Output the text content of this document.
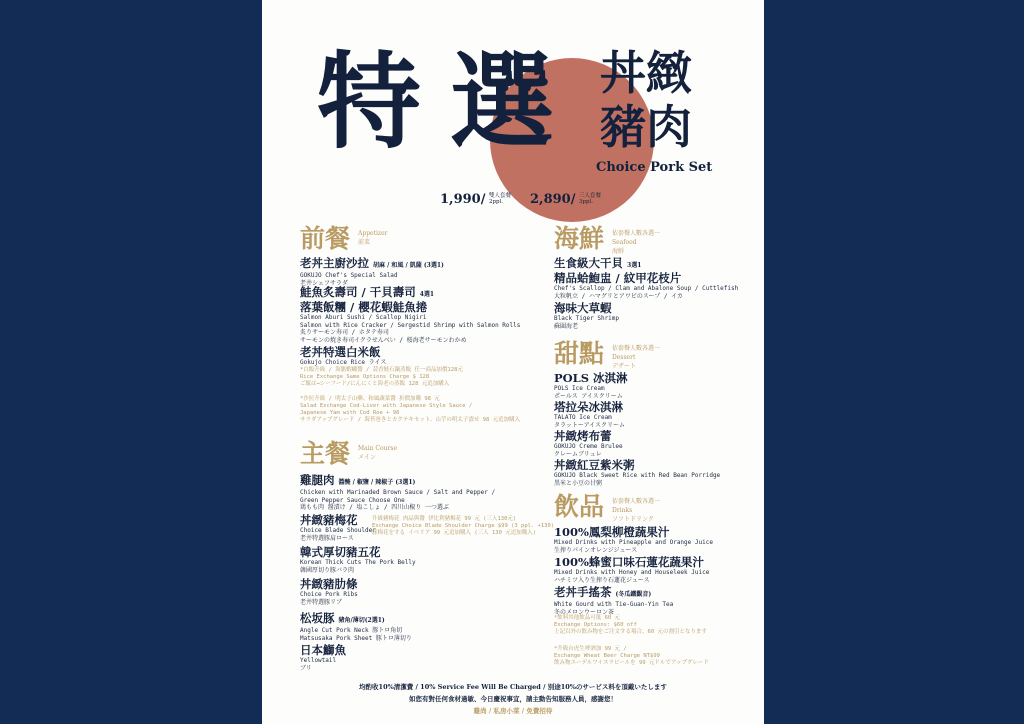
特 選 丼緻
豬肉
Choice Pork Set
1,990/ 雙人套餐
2ppl.	2,890/ 三人套餐
3ppl.
前餐 Appetizer
前菜
老丼主廚沙拉 胡麻 / 和風 / 凱薩 (3選1)
GOKUJO Chef's Special Salad
老井シェフサラダ
鮭魚炙壽司 / 干貝壽司 4選1
落葉飯糰 / 櫻花蝦鮭魚捲
Salmon Aburi Sushi / Scallop Nigiri
Salmon with Rice Cracker / Sergestid Shrimp with Salmon Rolls
炙りサーモン寿司 / ホタテ寿司
サーモンの焼き寿司イクラせんべい / 桜海老サーモンわかめ
老丼特選白米飯
Gokujo Choice Rice ライス
*白飯升級 / 海膽蝦蝴醬 / 蒜香鮭石鍋蒸飯 任一商品加價128元
Rice Exchange Same Options Charge $ 128
ご飯は→シーフード/にんにくと海老の蒸飯 128 元追加購入
*沙拉升級 / 明太子山藥、和風蔬菜醬 折價加購 98 元
Salad Exchange Cod-Liver with Japanese Style Sauce /
Japanese Yam with Cod Roe + 98
サラダアップグレード / 海苔巻きとカクテキセット、山芋の明太子漬せ 98 元追加購入
主餐 Main Course
メイン
雞腿肉 醬醃 / 椒鹽 / 辣椒子 (3選1)
Chicken with Marinaded Brown Sauce / Salt and Pepper /
Green Pepper Sauce Choose One
鶏もも肉 醤漬け / 塩こしょ / 四川山椒り 一つ選ぶ
丼緻豬梅花
Choice Blade Shoulder
老井特選豚肩ロース
升級豬梅花 肉品與醬 伊比利豬梅花 99 元 (三人130元)
Exchange Choice Blade Shoulder Charge $99 (3 ppl. +130)
豚梅花をする イベリア 99 元追加購入 (三人 130 元追加購入)
韓式厚切豬五花
Korean Thick Cuts The Pork Belly
韓國厚切り豚バラ肉
丼緻豬肋條
Choice Pork Ribs
老井特選豚リブ
松坂豚 豬角/薄切(2選1)
Angle Cut Pork Neck 豚トロ角切
Matsusaka Pork Sheet 豚トロ薄切り
日本鰤魚
Yellowtail
ブリ
海鮮 依套餐人數各選一
Seafood
海鮮
生食級大干貝 3選1
精品蛤鮑盅 / 紋甲花枝片
Chef's Scallop / Clam and Abalone Soup / Cuttlefish
大粒帆立 / ハマグリとアワビのスープ / イカ
海味大草蝦
Black Tiger Shrimp
蘇圍海老
甜點 依套餐人數各選一
Dessert
デザート
POLS 冰淇淋
POLS Ice Cream
ポールス アイスクリーム
塔拉朵冰淇淋
TALATO Ice Cream
タラットーアイスクリーム
丼緻烤布蕾
GOKUJO Creme Brulee
クレームブリュレ
丼緻紅豆紫米粥
GOKUJO Black Sweet Rice with Red Bean Porridge
黒米と小豆の甘粥
飲品 依套餐人數各選一
Drinks
ソフトドリンク
100%鳳梨柳橙蔬果汁
Mixed Drinks with Pineapple and Orange Juice
生搾りパインオレンジジュース
100%蜂蜜口味石蓮花蔬果汁
Mixed Drinks with Honey and Houseleek Juice
ハチミツ入り生搾り石蓮花ジュース
老丼手搖茶 (冬瓜鐵觀音)
White Gourd with Tie-Guan-Yin Tea
冬のメロンウーロン茶
*飲料其他飲品可抵 60 元
Exchange Options: $60 off
上記以外の飲み物をご注文する場合、60 元の割引となります
*升級台虎生啤酒加 99 元 /
Exchange Wheat Beer Charge NT$99
飲み物エーデルワイスラビールを 99 元ドルでアップグレード
均酌收10%清潔費 / 10% Service Fee Will Be Charged / 別途10%のサービス料を頂戴いたします
如您有對任何食材過敏、今日慶祝事宜，請主動告知服務人員，感謝您！
雞尚 / 私房小菜 / 免費招待
